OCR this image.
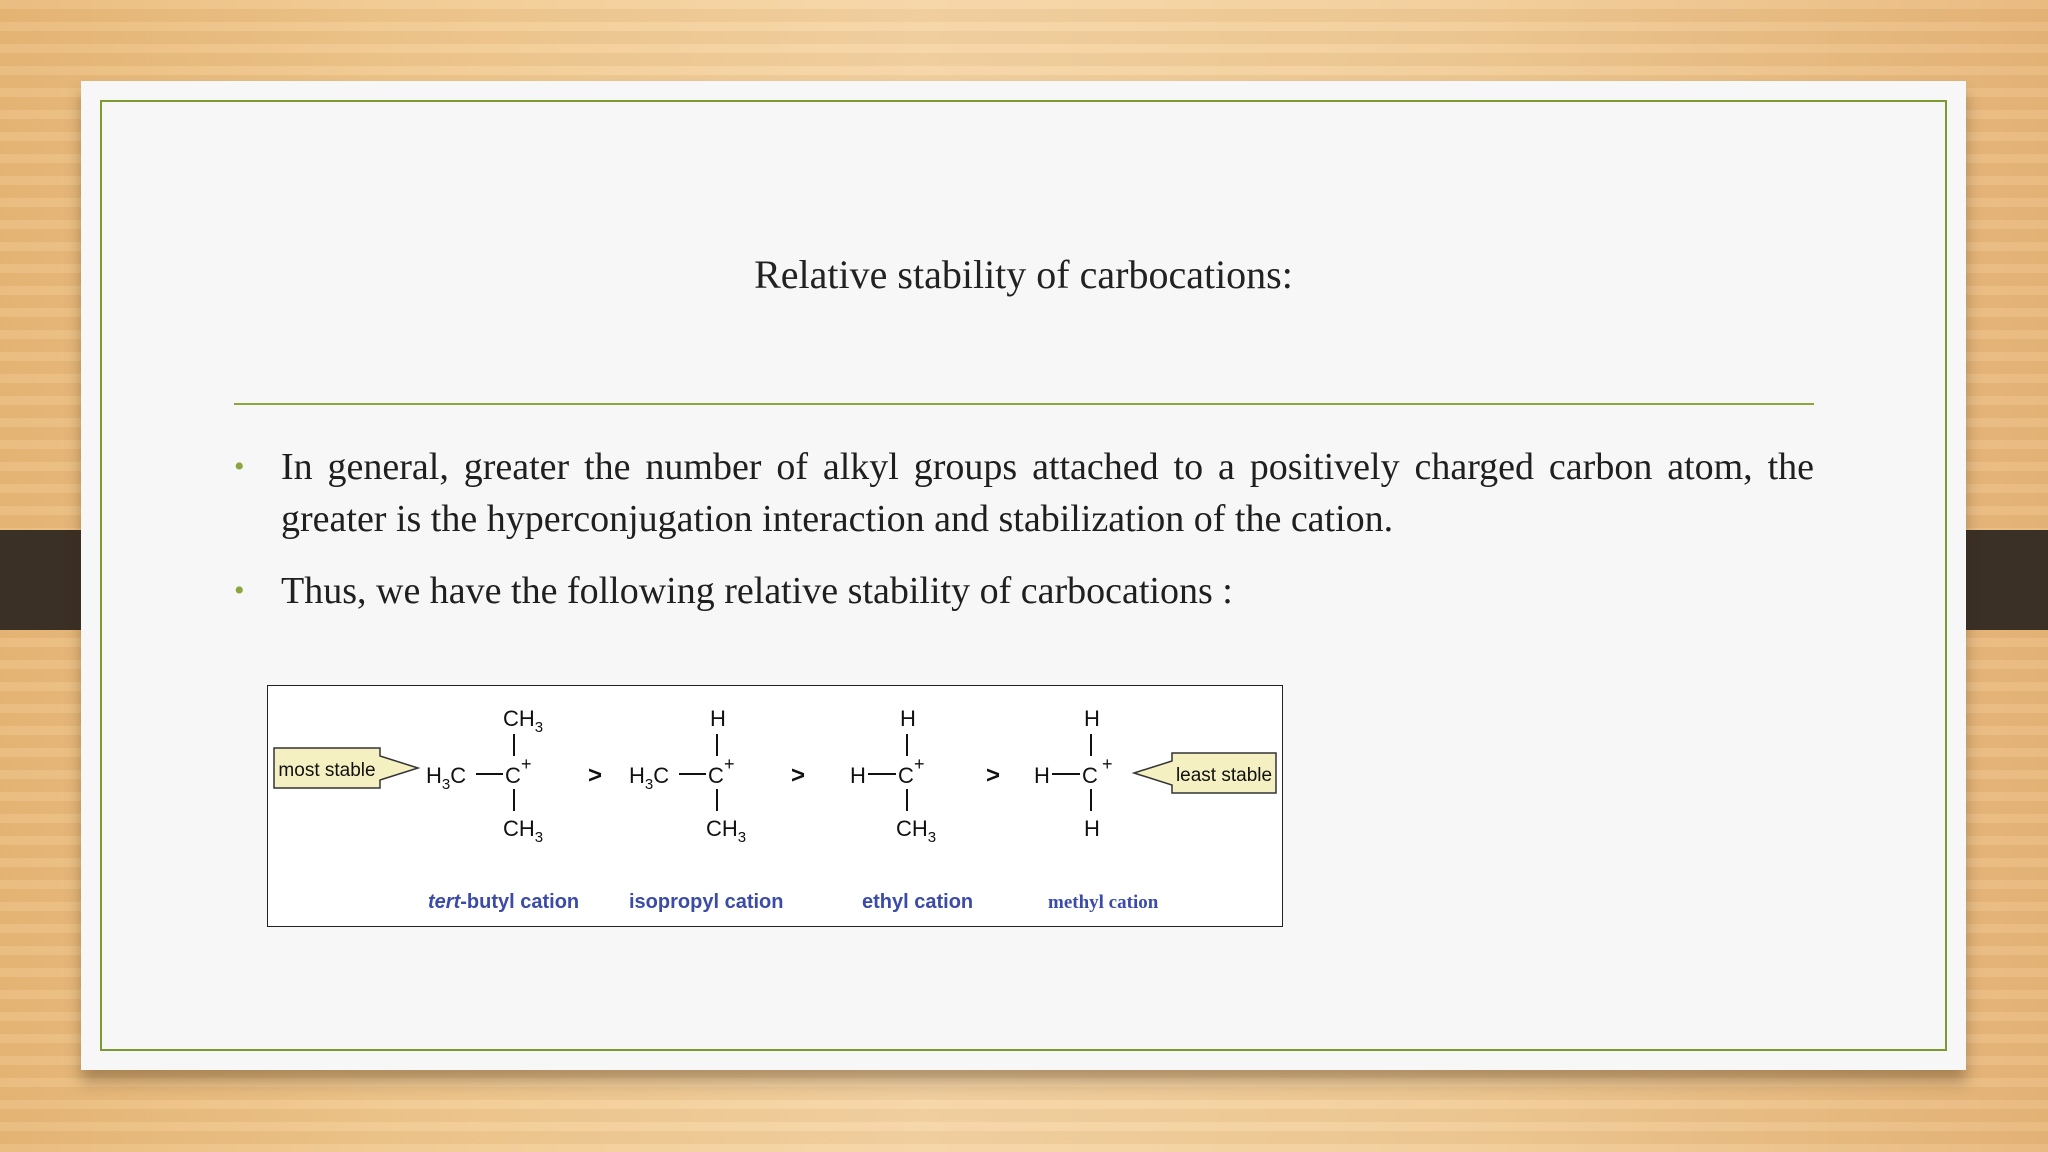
Relative stability of carbocations:
• In general, greater the number of alkyl groups attached to a positively charged carbon atom, the greater is the hyperconjugation interaction and stabilization of the cation.
• Thus, we have the following relative stability of carbocations :
most stable
$CH_3$
$H_3C$ C +
$CH_3$
tert-butyl cation
>
H
$H_3C$ C +
$CH_3$
isopropyl cation
>
H
H C +
$CH_3$
ethyl cation
>
H
H C +
H
methyl cation
least stable
